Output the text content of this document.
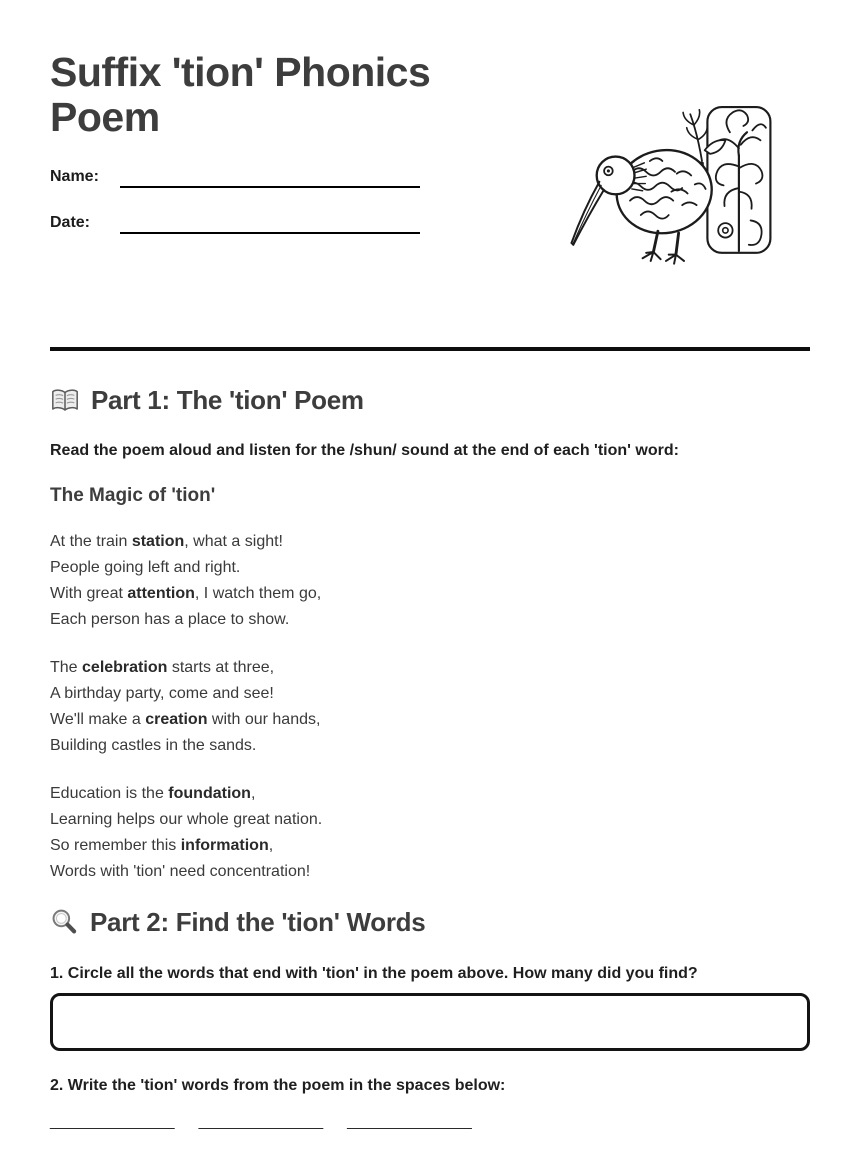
Suffix 'tion' Phonics Poem
Name:
Date:
Part 1: The 'tion' Poem

Read the poem aloud and listen for the /shun/ sound at the end of each 'tion' word:

The Magic of 'tion'

At the train station, what a sight!
People going left and right.
With great attention, I watch them go,
Each person has a place to show.

The celebration starts at three,
A birthday party, come and see!
We'll make a creation with our hands,
Building castles in the sands.

Education is the foundation,
Learning helps our whole great nation.
So remember this information,
Words with 'tion' need concentration!

Part 2: Find the 'tion' Words

1. Circle all the words that end with 'tion' in the poem above. How many did you find?

2. Write the 'tion' words from the poem in the spaces below:

______________ ______________ ______________
